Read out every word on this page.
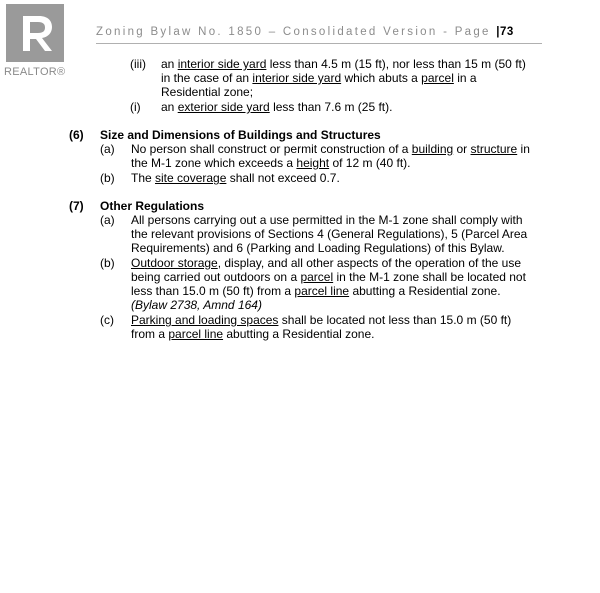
REALTOR®
Zoning Bylaw No. 1850 – Consolidated Version - Page |73
(iii) an interior side yard less than 4.5 m (15 ft), nor less than 15 m (50 ft)
in the case of an interior side yard which abuts a parcel in a
Residential zone;
(i) an exterior side yard less than 7.6 m (25 ft).
(6) Size and Dimensions of Buildings and Structures
(a) No person shall construct or permit construction of a building or structure in
the M-1 zone which exceeds a height of 12 m (40 ft).
(b) The site coverage shall not exceed 0.7.
(7) Other Regulations
(a) All persons carrying out a use permitted in the M-1 zone shall comply with
the relevant provisions of Sections 4 (General Regulations), 5 (Parcel Area
Requirements) and 6 (Parking and Loading Regulations) of this Bylaw.
(b) Outdoor storage, display, and all other aspects of the operation of the use
being carried out outdoors on a parcel in the M-1 zone shall be located not
less than 15.0 m (50 ft) from a parcel line abutting a Residential zone.
(Bylaw 2738, Amnd 164)
(c) Parking and loading spaces shall be located not less than 15.0 m (50 ft)
from a parcel line abutting a Residential zone.
